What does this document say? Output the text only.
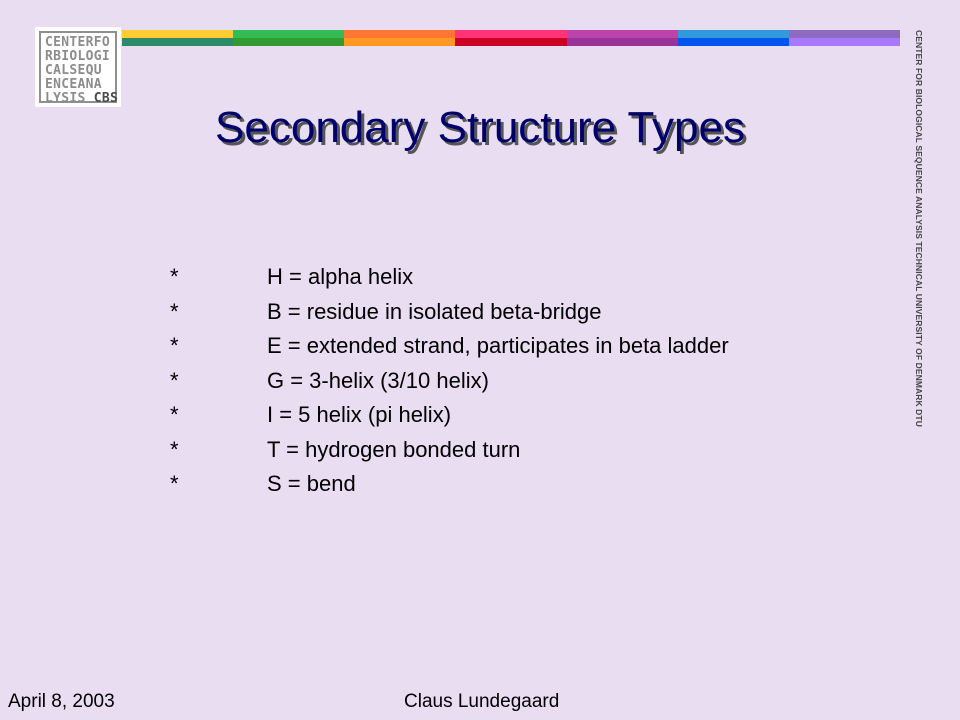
CENTERFO
RBIOLOGI
CALSEQU
ENCEANA
LYSIS CBS	CENTER FOR BIOLOGICAL SEQUENCE ANALYSIS TECHNICAL UNIVERSITY OF DENMARK DTU
Secondary Structure Types
*	H = alpha helix
*	B = residue in isolated beta-bridge
*	E = extended strand, participates in beta ladder
*	G = 3-helix (3/10 helix)
*	I = 5 helix (pi helix)
*	T = hydrogen bonded turn
*	S = bend
April 8, 2003	Claus Lundegaard
